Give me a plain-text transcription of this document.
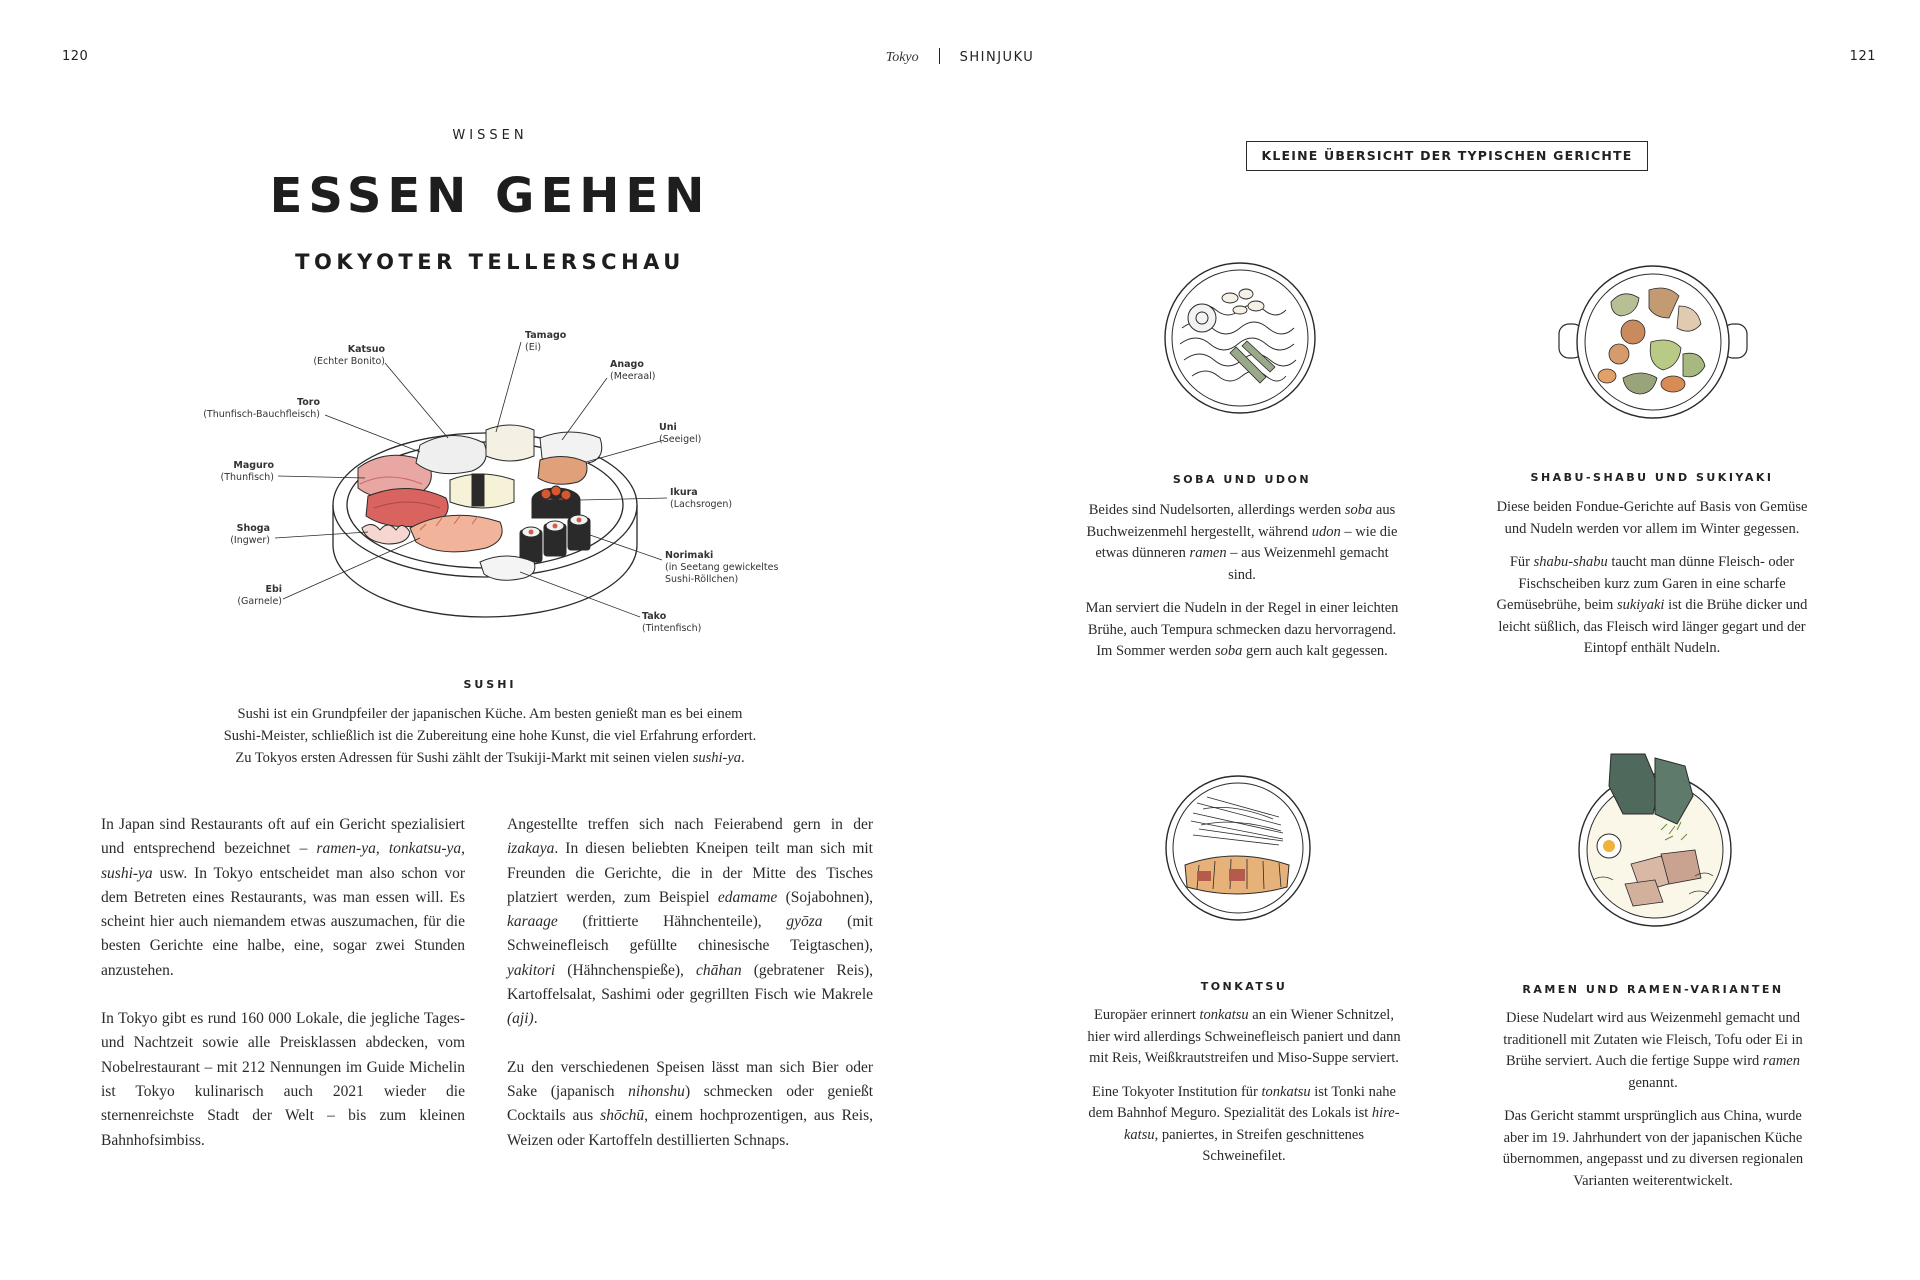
120	121
Tokyo	SHINJUKU
WISSEN
ESSEN GEHEN
TOKYOTER TELLERSCHAU
Katsuo
(Echter Bonito)
Tamago
(Ei)
Anago
(Meeraal)
Toro
(Thunfisch-Bauchfleisch)
Uni
(Seeigel)
Maguro
(Thunfisch)
Ikura
(Lachsrogen)
Shoga
(Ingwer)
Norimaki
(in Seetang gewickeltes
Sushi-Röllchen)
Ebi
(Garnele)
Tako
(Tintenfisch)
SUSHI
Sushi ist ein Grundpfeiler der japanischen Küche. Am besten genießt man es bei einem
Sushi-Meister, schließlich ist die Zubereitung eine hohe Kunst, die viel Erfahrung erfordert.
Zu Tokyos ersten Adressen für Sushi zählt der Tsukiji-Markt mit seinen vielen sushi-ya.

In Japan sind Restaurants oft auf ein Gericht spezialisiert und entsprechend bezeichnet – ramen-ya, tonkatsu-ya, sushi-ya usw. In Tokyo entscheidet man also schon vor dem Betreten eines Restaurants, was man essen will. Es scheint hier auch niemandem etwas auszumachen, für die besten Gerichte eine halbe, eine, sogar zwei Stunden anzustehen.

In Tokyo gibt es rund 160 000 Lokale, die jegliche Tages- und Nachtzeit sowie alle Preisklassen abdecken, vom Nobelrestaurant – mit 212 Nennungen im Guide Michelin ist Tokyo kulinarisch auch 2021 wieder die sternenreichste Stadt der Welt – bis zum kleinen Bahnhofsimbiss.

Angestellte treffen sich nach Feierabend gern in der izakaya. In diesen beliebten Kneipen teilt man sich mit Freunden die Gerichte, die in der Mitte des Tisches platziert werden, zum Beispiel edamame (Sojabohnen), karaage (frittierte Hähnchenteile), gyōza (mit Schweinefleisch gefüllte chinesische Teigtaschen), yakitori (Hähnchenspieße), chāhan (gebratener Reis), Kartoffelsalat, Sashimi oder gegrillten Fisch wie Makrele (aji).

Zu den verschiedenen Speisen lässt man sich Bier oder Sake (japanisch nihonshu) schmecken oder genießt Cocktails aus shōchū, einem hochprozentigen, aus Reis, Weizen oder Kartoffeln destillierten Schnaps.

KLEINE ÜBERSICHT DER TYPISCHEN GERICHTE
SOBA UND UDON

Beides sind Nudelsorten, allerdings werden soba aus Buchweizenmehl hergestellt, während udon – wie die etwas dünneren ramen – aus Weizenmehl gemacht sind.

Man serviert die Nudeln in der Regel in einer leichten Brühe, auch Tempura schmecken dazu hervorragend. Im Sommer werden soba gern auch kalt gegessen.

SHABU-SHABU UND SUKIYAKI

Diese beiden Fondue-Gerichte auf Basis von Gemüse und Nudeln werden vor allem im Winter gegessen.

Für shabu-shabu taucht man dünne Fleisch- oder Fischscheiben kurz zum Garen in eine scharfe Gemüsebrühe, beim sukiyaki ist die Brühe dicker und leicht süßlich, das Fleisch wird länger gegart und der Eintopf enthält Nudeln.

TONKATSU

Europäer erinnert tonkatsu an ein Wiener Schnitzel, hier wird allerdings Schweinefleisch paniert und dann mit Reis, Weißkrautstreifen und Miso-Suppe serviert.

Eine Tokyoter Institution für tonkatsu ist Tonki nahe dem Bahnhof Meguro. Spezialität des Lokals ist hire-katsu, paniertes, in Streifen geschnittenes Schweinefilet.

RAMEN UND RAMEN-VARIANTEN

Diese Nudelart wird aus Weizenmehl gemacht und traditionell mit Zutaten wie Fleisch, Tofu oder Ei in Brühe serviert. Auch die fertige Suppe wird ramen genannt.

Das Gericht stammt ursprünglich aus China, wurde aber im 19. Jahrhundert von der japanischen Küche übernommen, angepasst und zu diversen regionalen Varianten weiterentwickelt.
